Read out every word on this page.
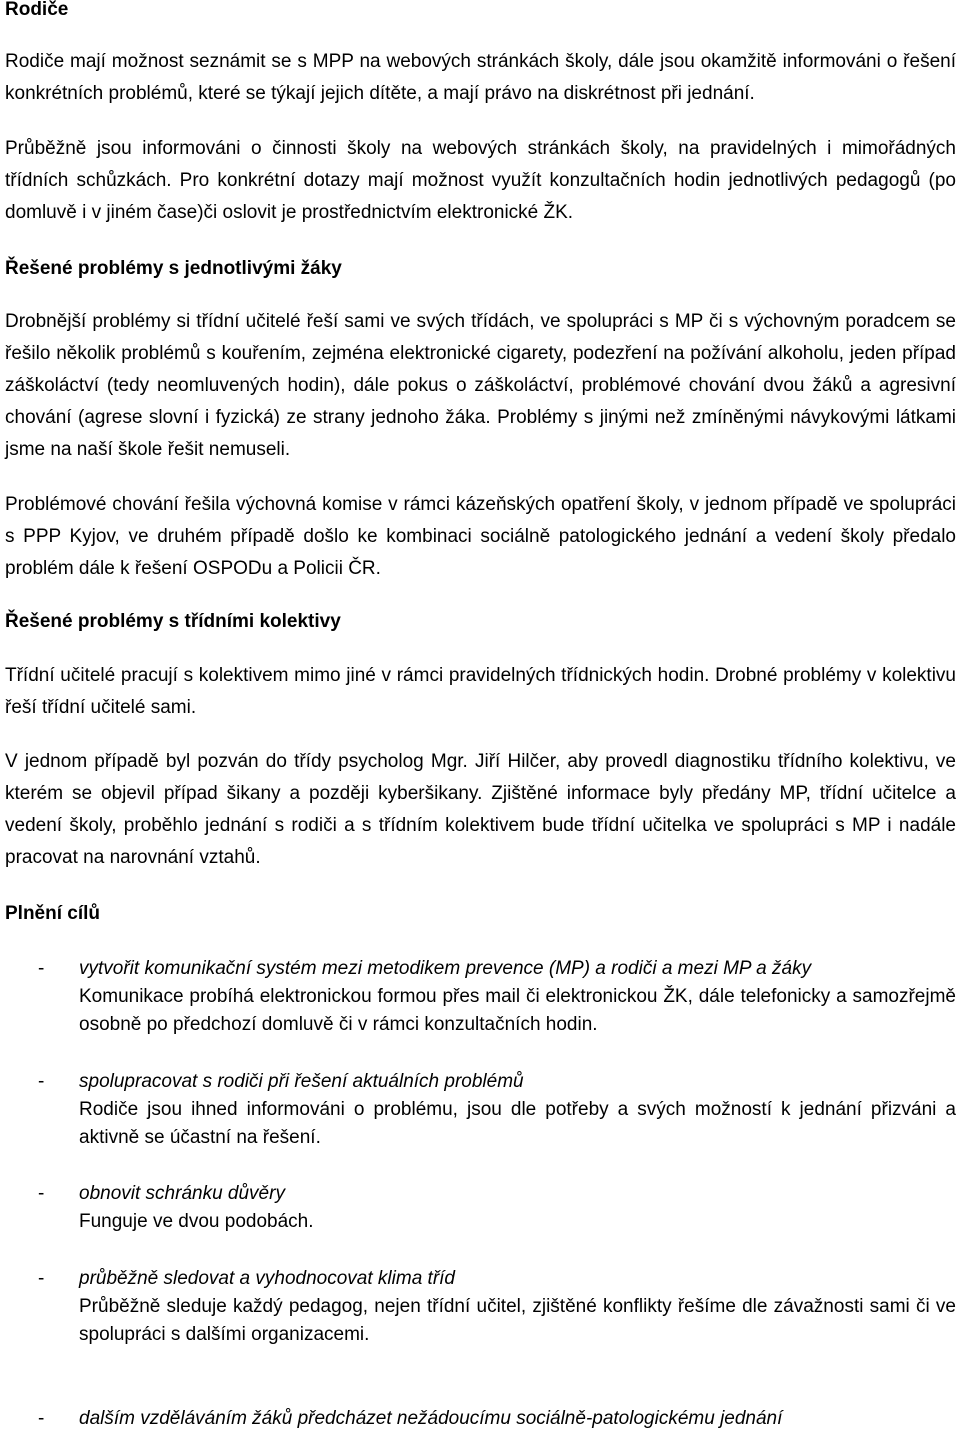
Rodiče
Rodiče mají možnost seznámit se s MPP na webových stránkách školy, dále jsou okamžitě informováni o řešení konkrétních problémů, které se týkají jejich dítěte, a mají právo na diskrétnost při jednání.
Průběžně jsou informováni o činnosti školy na webových stránkách školy, na pravidelných i mimořádných třídních schůzkách. Pro konkrétní dotazy mají možnost využít konzultačních hodin jednotlivých pedagogů (po domluvě i v jiném čase)či oslovit je prostřednictvím elektronické ŽK.
Řešené problémy s jednotlivými žáky
Drobnější problémy si třídní učitelé řeší sami ve svých třídách, ve spolupráci s MP či s výchovným poradcem se řešilo několik problémů s kouřením, zejména elektronické cigarety, podezření na požívání alkoholu, jeden případ záškoláctví (tedy neomluvených hodin), dále pokus o záškoláctví, problémové chování dvou žáků a agresivní chování (agrese slovní i fyzická) ze strany jednoho žáka. Problémy s jinými než zmíněnými návykovými látkami jsme na naší škole řešit nemuseli.
Problémové chování řešila výchovná komise v rámci kázeňských opatření školy, v jednom případě ve spolupráci s PPP Kyjov, ve druhém případě došlo ke kombinaci sociálně patologického jednání a vedení školy předalo problém dále k řešení OSPODu a Policii ČR.
Řešené problémy s třídními kolektivy
Třídní učitelé pracují s kolektivem mimo jiné v rámci pravidelných třídnických hodin. Drobné problémy v kolektivu řeší třídní učitelé sami.
V jednom případě byl pozván do třídy psycholog Mgr. Jiří Hilčer, aby provedl diagnostiku třídního kolektivu, ve kterém se objevil případ šikany a později kyberšikany. Zjištěné informace byly předány MP, třídní učitelce a vedení školy, proběhlo jednání s rodiči a s třídním kolektivem bude třídní učitelka ve spolupráci s MP i nadále pracovat na narovnání vztahů.
Plnění cílů
-	vytvořit komunikační systém mezi metodikem prevence (MP) a rodiči a mezi MP a žáky
Komunikace probíhá elektronickou formou přes mail či elektronickou ŽK, dále telefonicky a samozřejmě osobně po předchozí domluvě či v rámci konzultačních hodin.
-	spolupracovat s rodiči při řešení aktuálních problémů
Rodiče jsou ihned informováni o problému, jsou dle potřeby a svých možností k jednání přizváni a aktivně se účastní na řešení.
-	obnovit schránku důvěry
Funguje ve dvou podobách.
-	průběžně sledovat a vyhodnocovat klima tříd
Průběžně sleduje každý pedagog, nejen třídní učitel, zjištěné konflikty řešíme dle závažnosti sami či ve spolupráci s dalšími organizacemi.
-	dalším vzděláváním žáků předcházet nežádoucímu sociálně-patologickému jednání
